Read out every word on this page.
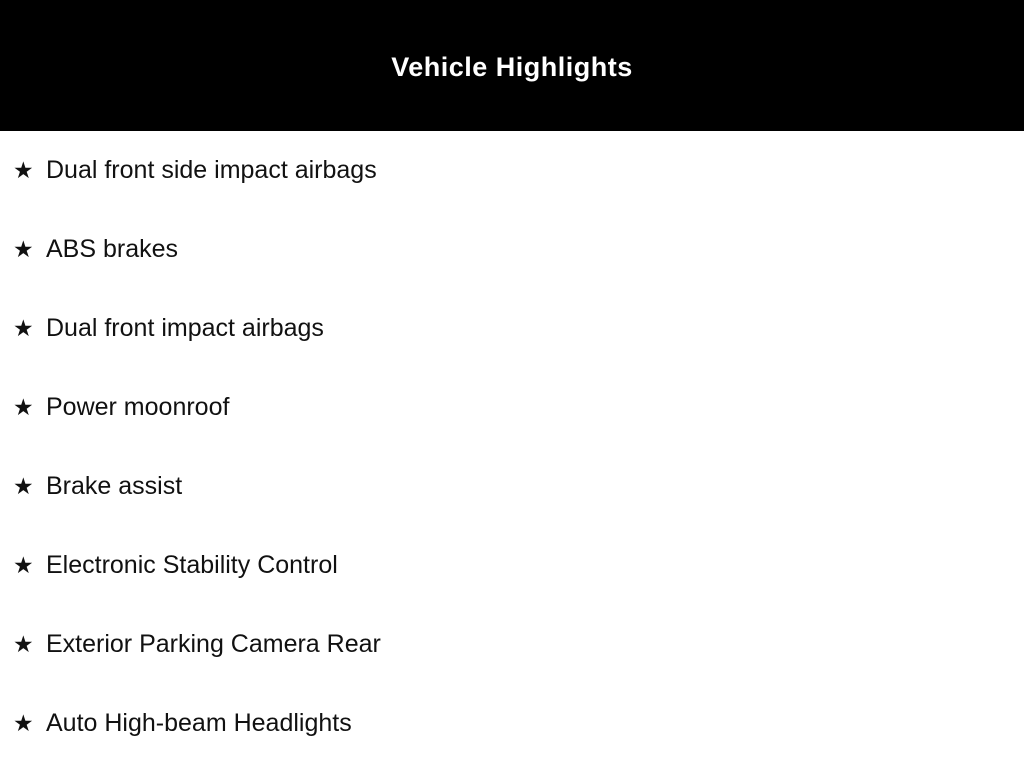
Vehicle Highlights
★ Dual front side impact airbags
★ ABS brakes
★ Dual front impact airbags
★ Power moonroof
★ Brake assist
★ Electronic Stability Control
★ Exterior Parking Camera Rear
★ Auto High-beam Headlights
